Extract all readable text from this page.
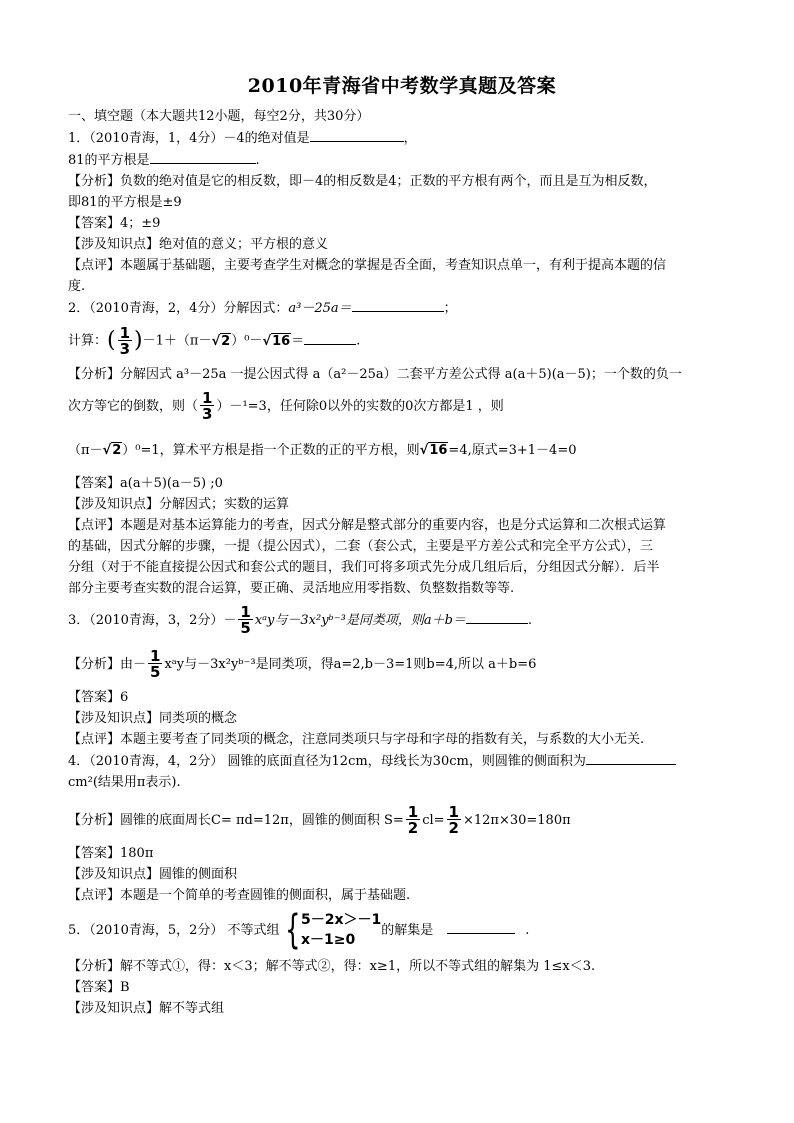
2010年青海省中考数学真题及答案

一、填空题（本大题共12小题，每空2分，共30分）

1．（2010青海，1，4分）－4的绝对值是	，

81的平方根是	.

【分析】负数的绝对值是它的相反数，即－4的相反数是4；正数的平方根有两个，而且是互为相反数，

即81的平方根是±9

【答案】4；±9

【涉及知识点】绝对值的意义；平方根的意义

【点评】本题属于基础题，主要考查学生对概念的掌握是否全面，考查知识点单一，有利于提高本题的信

度.

2．（2010青海，2，4分）分解因式：a³－25a＝	；

计算：( $\frac{1}{3} )-1+(\pi-√2)^0-√16=$	.

【分析】分解因式 a³－25a 一提公因式得 a（a²－25a）二套平方差公式得 a(a＋5)(a－5)；一个数的负一

次方等它的倒数，则（ $\frac{1}{3} )-^1=3$，任何除0以外的实数的0次方都是1 ，则

（π－√2）⁰=1，算术平方根是指一个正数的正的平方根，则√16=4,原式=3+1－4=0

【答案】a(a＋5)(a－5) ;0

【涉及知识点】分解因式；实数的运算

【点评】本题是对基本运算能力的考查，因式分解是整式部分的重要内容，也是分式运算和二次根式运算

的基础，因式分解的步骤，一提（提公因式），二套（套公式，主要是平方差公式和完全平方公式），三

分组（对于不能直接提公因式和套公式的题目，我们可将多项式先分成几组后后，分组因式分解）．后半

部分主要考查实数的混合运算，要正确、灵活地应用零指数、负整数指数等等.

3．（2010青海，3，2分）－ $\frac{1}{5}$ xᵃy与－3x²yᵇ⁻³是同类项，则a＋b＝	.

【分析】由－ $\frac{1}{5}$ xᵃy与－3x²yᵇ⁻³是同类项，得a=2,b－3=1则b=4,所以 a＋b=6

【答案】6

【涉及知识点】同类项的概念

【点评】本题主要考查了同类项的概念，注意同类项只与字母和字母的指数有关，与系数的大小无关.

4．（2010青海，4，2分） 圆锥的底面直径为12cm，母线长为30cm，则圆锥的侧面积为

cm²(结果用π表示).

【分析】圆锥的底面周长C= πd=12π，圆锥的侧面积 $S= \frac{1}{2} cl= \frac{1}{2} \times 12\pi\times 30=180\pi$

【答案】180π

【涉及知识点】圆锥的侧面积

【点评】本题是一个简单的考查圆锥的侧面积，属于基础题.

5．（2010青海，5，2分） 不等式组 { 5－2x＞－1
x－1≥0
的解集是	.

【分析】解不等式①，得：x＜3；解不等式②，得：x≥1，所以不等式组的解集为 1≤x＜3.

【答案】B

【涉及知识点】解不等式组
